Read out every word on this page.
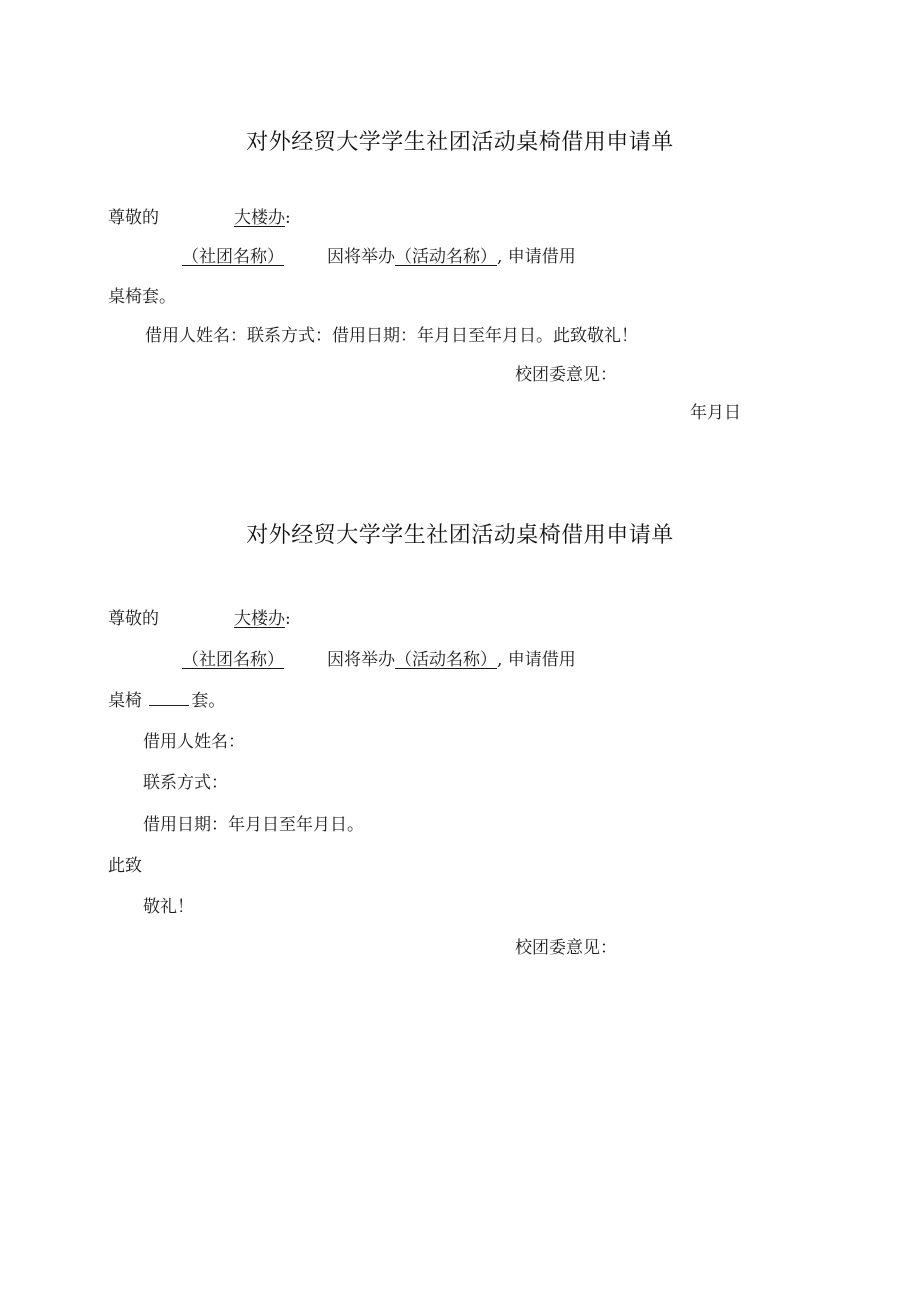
对外经贸大学学生社团活动桌椅借用申请单
尊敬的	大楼办:
（社团名称）	因将举办（活动名称）, 申请借用
桌椅套。
借用人姓名：联系方式：借用日期：年月日至年月日。此致敬礼！
校团委意见：
年月日
对外经贸大学学生社团活动桌椅借用申请单
尊敬的	大楼办:
（社团名称）	因将举办（活动名称）, 申请借用
桌椅	套。
借用人姓名：
联系方式：
借用日期：年月日至年月日。
此致
敬礼！
校团委意见：
